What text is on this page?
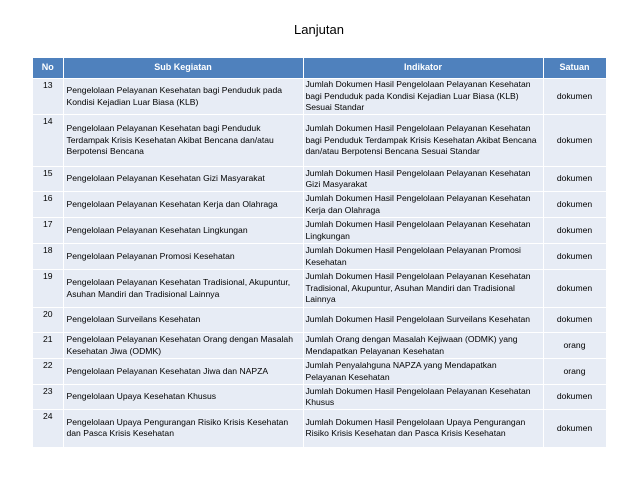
Lanjutan
No	Sub Kegiatan	Indikator	Satuan
13	Pengelolaan Pelayanan Kesehatan bagi Penduduk pada Kondisi Kejadian Luar Biasa (KLB)	Jumlah Dokumen Hasil Pengelolaan Pelayanan Kesehatan bagi Penduduk pada Kondisi Kejadian Luar Biasa (KLB) Sesuai Standar	dokumen
14	Pengelolaan Pelayanan Kesehatan bagi Penduduk Terdampak Krisis Kesehatan Akibat Bencana dan/atau Berpotensi Bencana	Jumlah Dokumen Hasil Pengelolaan Pelayanan Kesehatan bagi Penduduk Terdampak Krisis Kesehatan Akibat Bencana dan/atau Berpotensi Bencana Sesuai Standar	dokumen
15	Pengelolaan Pelayanan Kesehatan Gizi Masyarakat	Jumlah Dokumen Hasil Pengelolaan Pelayanan Kesehatan Gizi Masyarakat	dokumen
16	Pengelolaan Pelayanan Kesehatan Kerja dan Olahraga	Jumlah Dokumen Hasil Pengelolaan Pelayanan Kesehatan Kerja dan Olahraga	dokumen
17	Pengelolaan Pelayanan Kesehatan Lingkungan	Jumlah Dokumen Hasil Pengelolaan Pelayanan Kesehatan Lingkungan	dokumen
18	Pengelolaan Pelayanan Promosi Kesehatan	Jumlah Dokumen Hasil Pengelolaan Pelayanan Promosi Kesehatan	dokumen
19	Pengelolaan Pelayanan Kesehatan Tradisional, Akupuntur, Asuhan Mandiri dan Tradisional Lainnya	Jumlah Dokumen Hasil Pengelolaan Pelayanan Kesehatan Tradisional, Akupuntur, Asuhan Mandiri dan Tradisional Lainnya	dokumen
20	Pengelolaan Surveilans Kesehatan	Jumlah Dokumen Hasil Pengelolaan Surveilans Kesehatan	dokumen
21	Pengelolaan Pelayanan Kesehatan Orang dengan Masalah Kesehatan Jiwa (ODMK)	Jumlah Orang dengan Masalah Kejiwaan (ODMK) yang Mendapatkan Pelayanan Kesehatan	orang
22	Pengelolaan Pelayanan Kesehatan Jiwa dan NAPZA	Jumlah Penyalahguna NAPZA yang Mendapatkan Pelayanan Kesehatan	orang
23	Pengelolaan Upaya Kesehatan Khusus	Jumlah Dokumen Hasil Pengelolaan Pelayanan Kesehatan Khusus	dokumen
24	Pengelolaan Upaya Pengurangan Risiko Krisis Kesehatan dan Pasca Krisis Kesehatan	Jumlah Dokumen Hasil Pengelolaan Upaya Pengurangan Risiko Krisis Kesehatan dan Pasca Krisis Kesehatan	dokumen
